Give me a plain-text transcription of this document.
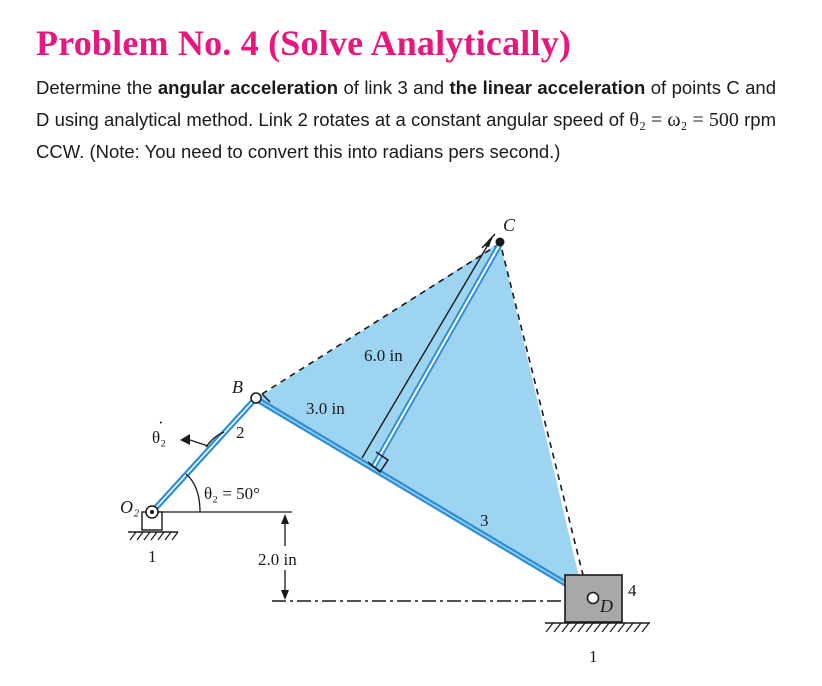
Problem No. 4 (Solve Analytically)

Determine the angular acceleration of link 3 and the linear acceleration of points C and D using analytical method. Link 2 rotates at a constant angular speed of θ₂ = ω₂ = 500 rpm CCW. (Note: You need to convert this into radians pers second.)

C
B
θ₂
·
2
θ₂ = 50°
O₂
1	2.0 in
D
4
1
3
6.0 in
3.0 in
